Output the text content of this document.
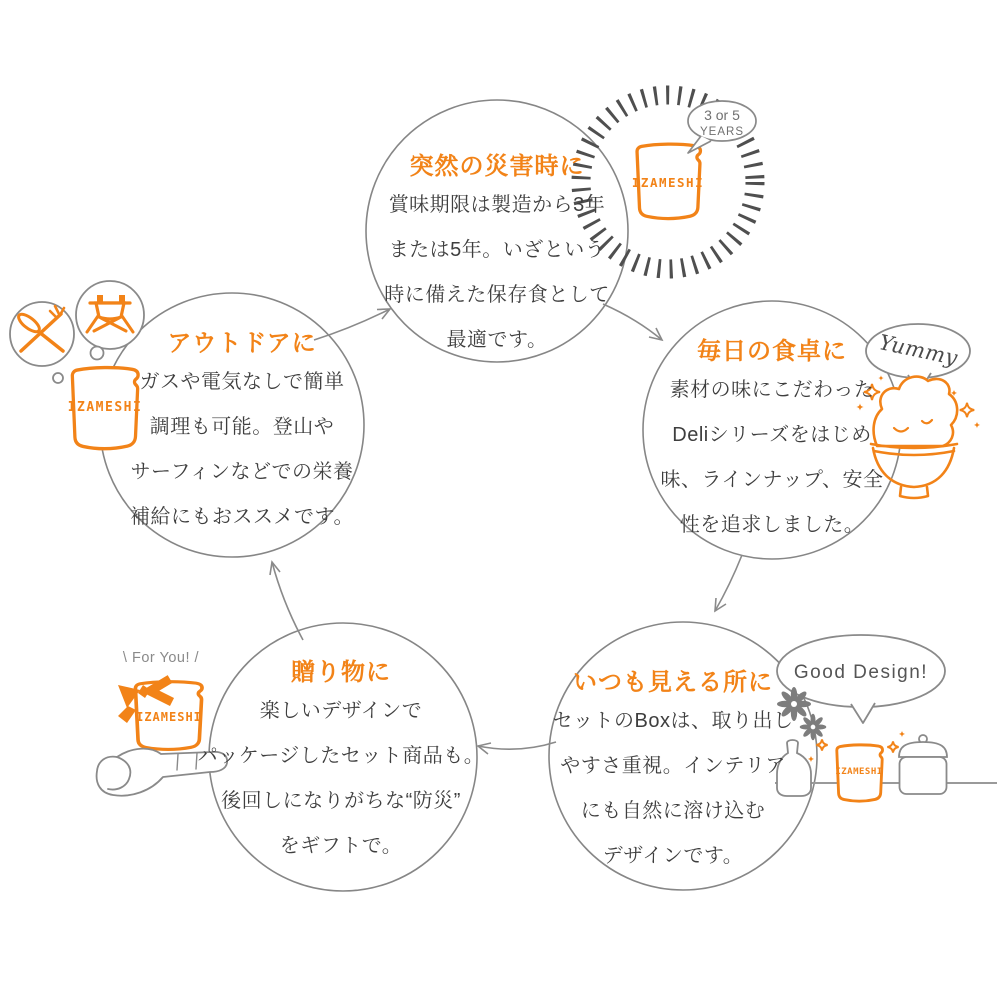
IZAMESHI
3 or 5
YEARS
Yummy
Good Design!
IZAMESHI
IZAMESHI
IZAMESHI
突然の災害時に
賞味期限は製造から3年
または5年。いざという
時に備えた保存食として
最適です。	毎日の食卓に
素材の味にこだわった
Deliシリーズをはじめ
味、ラインナップ、安全
性を追求しました。
いつも見える所に
セットのBoxは、取り出し
やすさ重視。インテリア
にも自然に溶け込む
デザインです。
贈り物に
楽しいデザインで
パッケージしたセット商品も。
後回しになりがちな“防災”
をギフトで。
アウトドアに
ガスや電気なしで簡単
調理も可能。登山や
サーフィンなどでの栄養
補給にもおススメです。
\ For You! /
